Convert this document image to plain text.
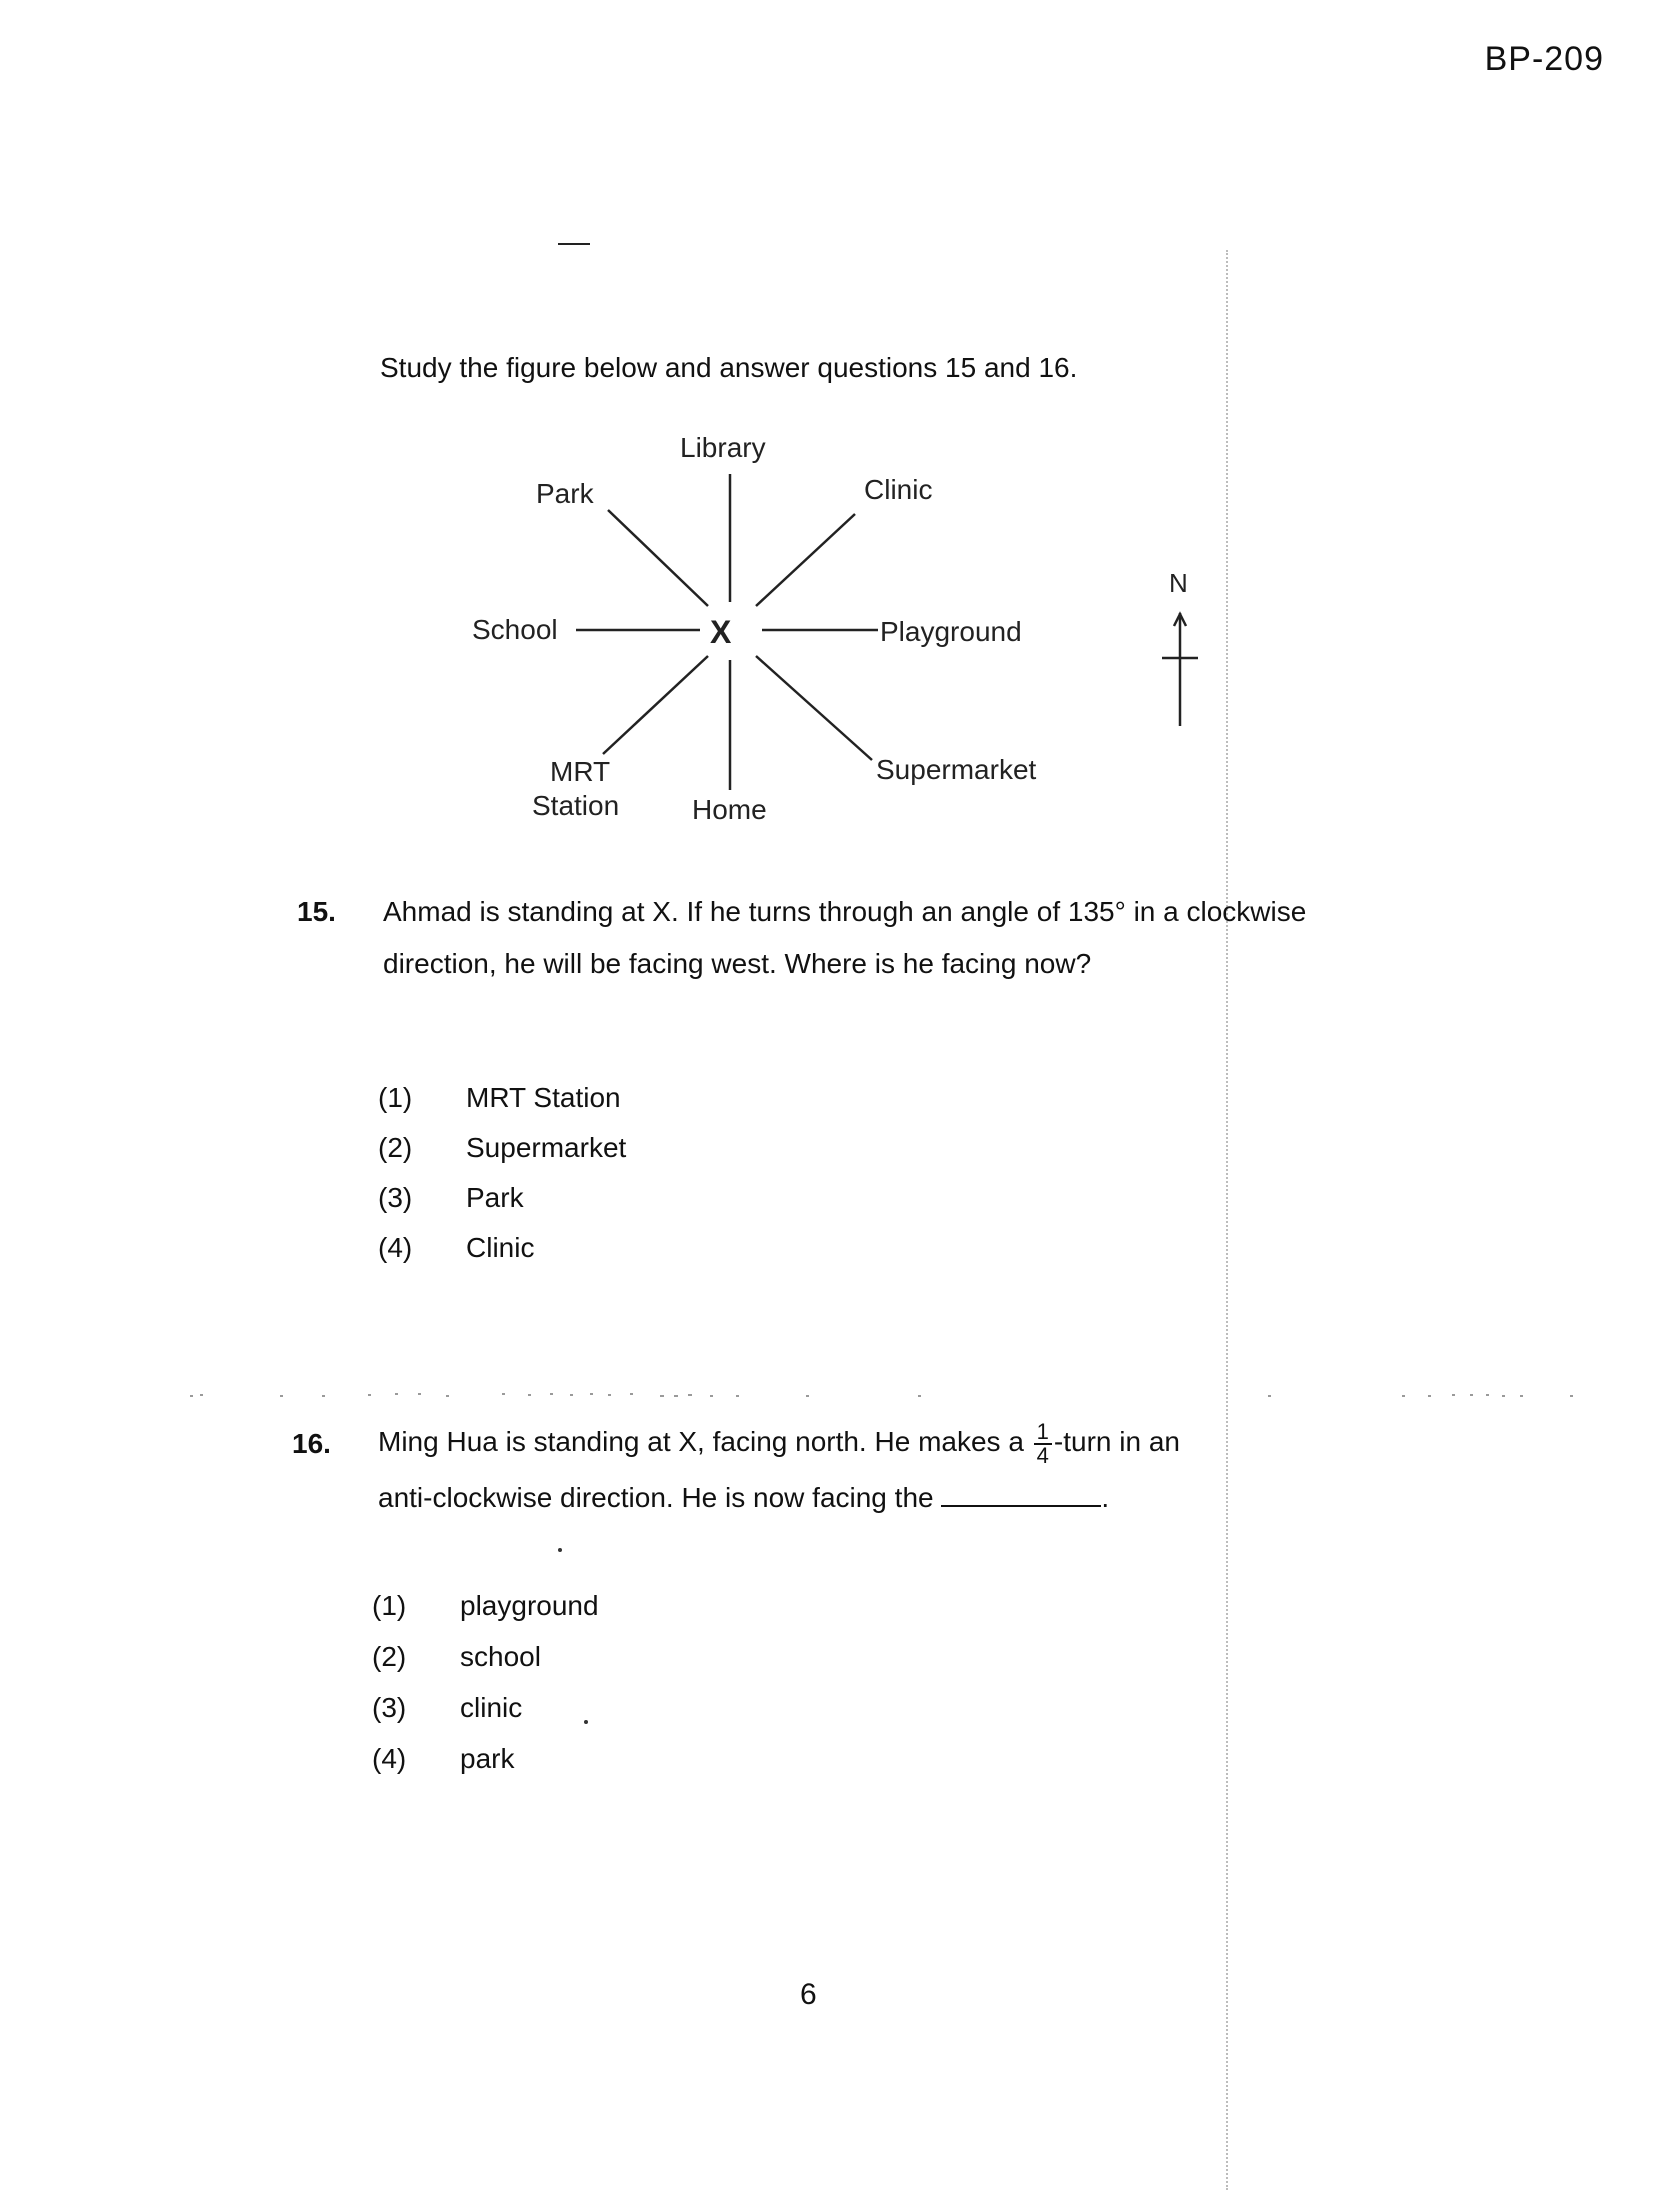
BP-209
Study the figure below and answer questions 15 and 16.
X
Library
Clinic
Playground
Supermarket
Home
MRT
Station
School
Park
N
15. Ahmad is standing at X. If he turns through an angle of 135° in a clockwise
direction, he will be facing west. Where is he facing now?
(1) MRT Station
(2) Supermarket
(3) Park
(4) Clinic
16. Ming Hua is standing at X, facing north. He makes a $\frac{1}{4}$ -turn in an
anti-clockwise direction. He is now facing the	.
(1) playground
(2) school
(3) clinic
(4) park
6
